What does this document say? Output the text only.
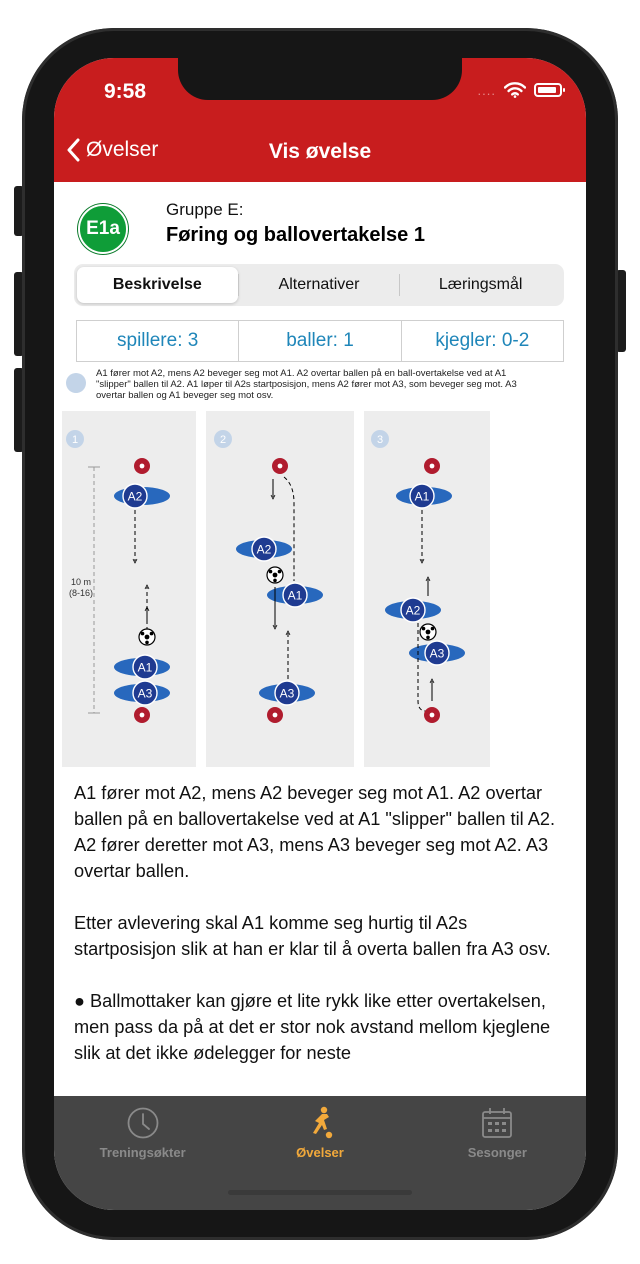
9:58	....
Øvelser	Vis øvelse
E1a
Gruppe E:
Føring og ballovertakelse 1
Beskrivelse	Alternativer	Læringsmål
spillere: 3	baller: 1	kjegler: 0-2
A1 fører mot A2, mens A2 beveger seg mot A1. A2 overtar ballen på en ball-overtakelse ved at A1 "slipper" ballen til A2. A1 løper til A2s startposisjon, mens A2 fører mot A3, som beveger seg mot. A3 overtar ballen og A1 beveger seg mot osv.
1
10 m
(8-16)
A2
A1
A3
2
A2
A1
A3
3
A1
A2
A3

A1 fører mot A2, mens A2 beveger seg mot A1. A2 overtar ballen på en ballovertakelse ved at A1 "slipper" ballen til A2. A2 fører deretter mot A3, mens A3 beveger seg mot A2. A3 overtar ballen.

Etter avlevering skal A1 komme seg hurtig til A2s startposisjon slik at han er klar til å overta ballen fra A3 osv.

● Ballmottaker kan gjøre et lite rykk like etter overtakelsen, men pass da på at det er stor nok avstand mellom kjeglene slik at det ikke ødelegger for neste

Treningsøkter	Øvelser	Sesonger
